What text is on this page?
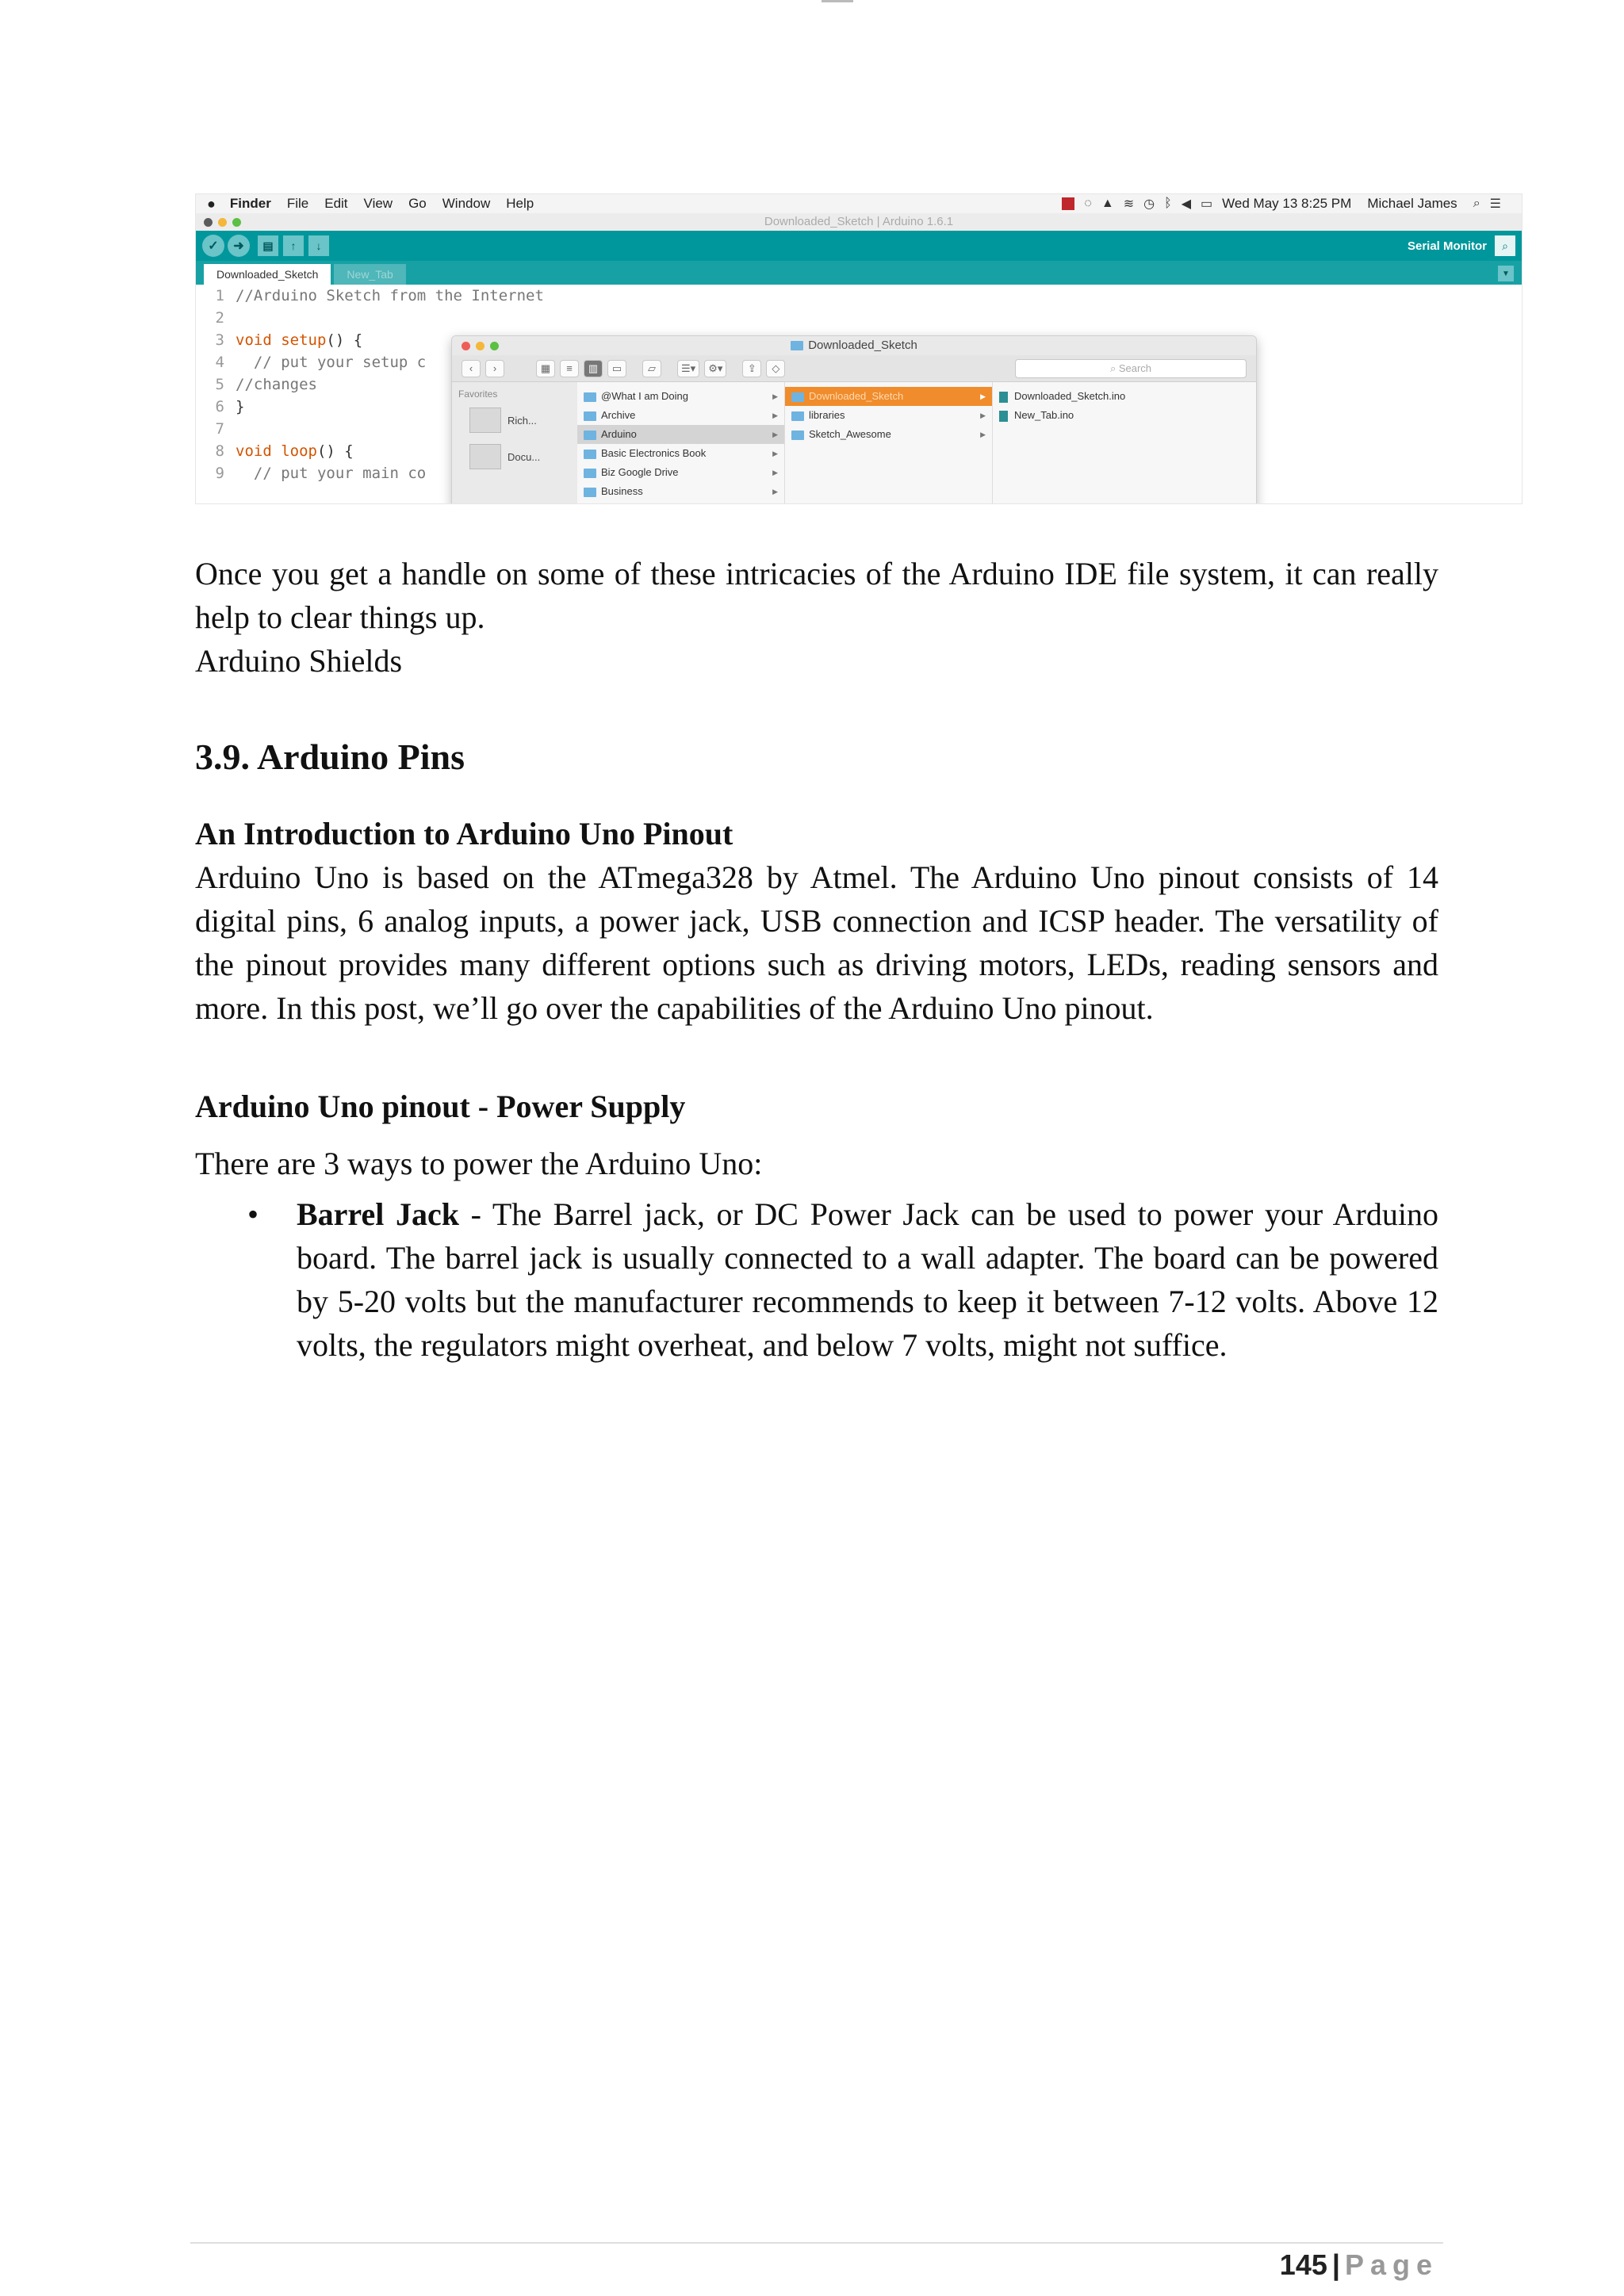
● Finder File Edit View Go Window Help	◌ ▲ ≋ ◷ ᛒ ◀ ▭ Wed May 13 8:25 PM Michael James ⌕ ☰
Downloaded_Sketch | Arduino 1.6.1
✓ ➜ ▤ ↑ ↓	Serial Monitor ⌕
Downloaded_Sketch	New_Tab	▼
1 //Arduino Sketch from the Internet
2
3 void setup() {
4  // put your setup c
5 //changes
6 }
7
8 void loop() {
9  // put your main co
Downloaded_Sketch
‹ ›	▦ ≡ ▥ ▭	▱ ☰▾ ⚙▾ ⇪ ◇	⌕ Search
Favorites
Rich...
Docu...
@What I am Doing	▶
Archive	▶
Arduino	▶
Basic Electronics Book	▶
Biz Google Drive	▶
Business	▶
Downloaded_Sketch	▶
libraries	▶
Sketch_Awesome	▶
Downloaded_Sketch.ino
New_Tab.ino

Once you get a handle on some of these intricacies of the Arduino IDE file system, it can really help to clear things up.

Arduino Shields

3.9. Arduino Pins
An Introduction to Arduino Uno Pinout

Arduino Uno is based on the ATmega328 by Atmel. The Arduino Uno pinout consists of 14 digital pins, 6 analog inputs, a power jack, USB connection and ICSP header. The versatility of the pinout provides many different options such as driving motors, LEDs, reading sensors and more. In this post, we’ll go over the capabilities of the Arduino Uno pinout.

Arduino Uno pinout - Power Supply

There are 3 ways to power the Arduino Uno:

• Barrel Jack - The Barrel jack, or DC Power Jack can be used to power your Arduino board. The barrel jack is usually connected to a wall adapter. The board can be powered by 5-20 volts but the manufacturer recommends to keep it between 7-12 volts. Above 12 volts, the regulators might overheat, and below 7 volts, might not suffice.
145 | Page
